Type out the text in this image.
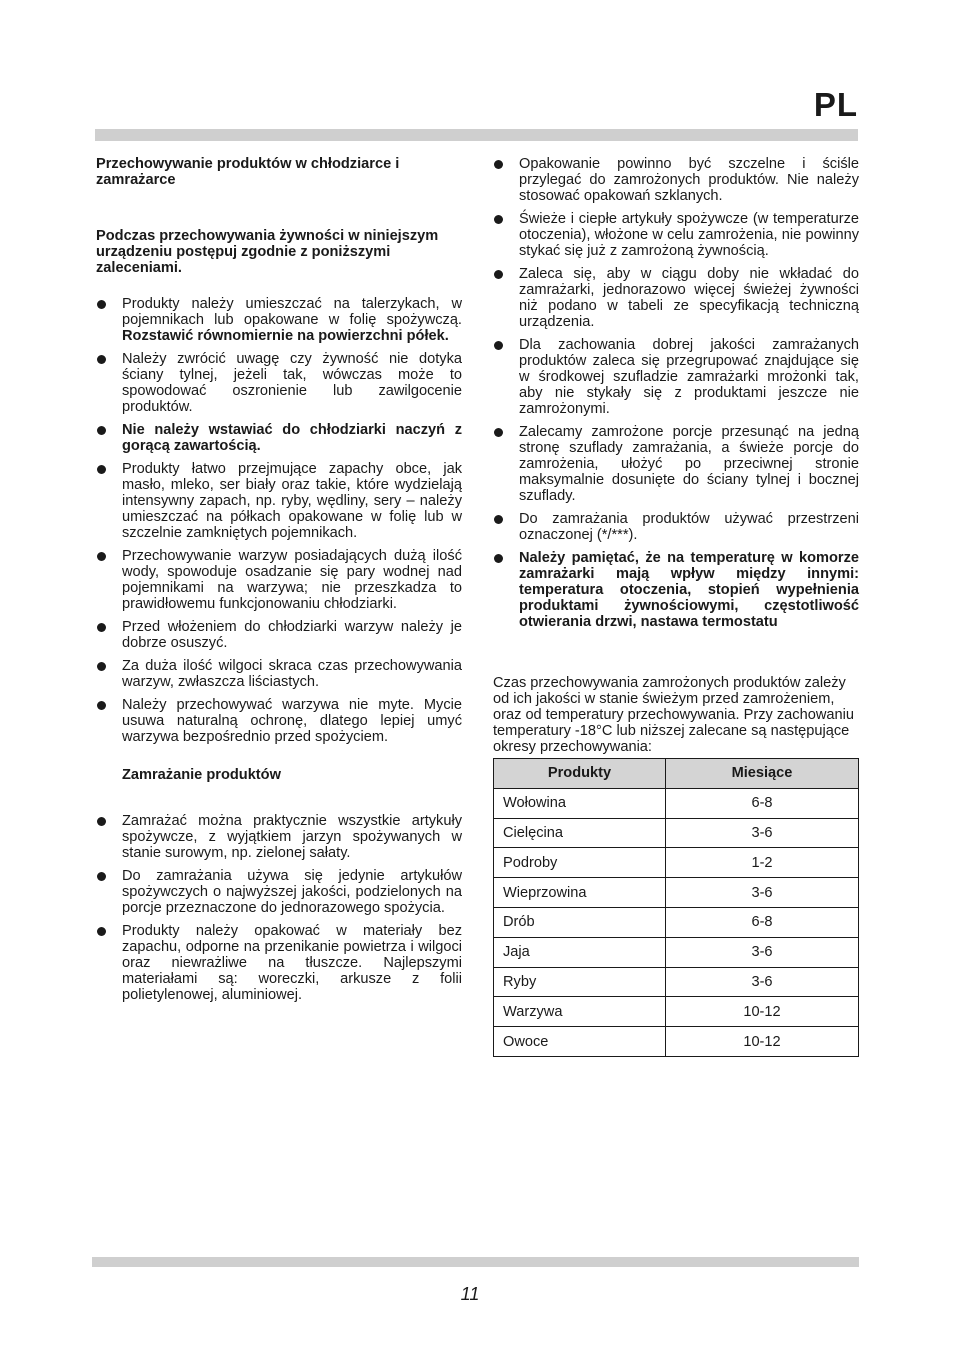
PL

Przechowywanie produktów w chłodziarce i zamrażarce

Podczas przechowywania żywności w niniejszym urządzeniu postępuj zgodnie z poniższymi zaleceniami.

Produkty należy umieszczać na talerzykach, w pojemnikach lub opakowane w folię spożywczą. Rozstawić równomiernie na powierzchni półek.
Należy zwrócić uwagę czy żywność nie dotyka ściany tylnej, jeżeli tak, wówczas może to spowodować oszronienie lub zawilgocenie produktów.
Nie należy wstawiać do chłodziarki naczyń z gorącą zawartością.
Produkty łatwo przejmujące zapachy obce, jak masło, mleko, ser biały oraz takie, które wydzielają intensywny zapach, np. ryby, wędliny, sery – należy umieszczać na półkach opakowane w folię lub w szczelnie zamkniętych pojemnikach.
Przechowywanie warzyw posiadających dużą ilość wody, spowoduje osadzanie się pary wodnej nad pojemnikami na warzywa; nie przeszkadza to prawidłowemu funkcjonowaniu chłodziarki.
Przed włożeniem do chłodziarki warzyw należy je dobrze osuszyć.
Za duża ilość wilgoci skraca czas przechowywania warzyw, zwłaszcza liściastych.
Należy przechowywać warzywa nie myte. Mycie usuwa naturalną ochronę, dlatego lepiej umyć warzywa bezpośrednio przed spożyciem.

Zamrażanie produktów

Zamrażać można praktycznie wszystkie artykuły spożywcze, z wyjątkiem jarzyn spożywanych w stanie surowym, np. zielonej sałaty.
Do zamrażania używa się jedynie artykułów spożywczych o najwyższej jakości, podzielonych na porcje przeznaczone do jednorazowego spożycia.
Produkty należy opakować w materiały bez zapachu, odporne na przenikanie powietrza i wilgoci oraz niewrażliwe na tłuszcze. Najlepszymi materiałami są: woreczki, arkusze z folii polietylenowej, aluminiowej.
Opakowanie powinno być szczelne i ściśle przylegać do zamrożonych produktów. Nie należy stosować opakowań szklanych.
Świeże i ciepłe artykuły spożywcze (w temperaturze otoczenia), włożone w celu zamrożenia, nie powinny stykać się już z zamrożoną żywnością.
Zaleca się, aby w ciągu doby nie wkładać do zamrażarki, jednorazowo więcej świeżej żywności niż podano w tabeli ze specyfikacją techniczną urządzenia.
Dla zachowania dobrej jakości zamrażanych produktów zaleca się przegrupować znajdujące się w środkowej szufladzie zamrażarki mrożonki tak, aby nie stykały się z produktami jeszcze nie zamrożonymi.
Zalecamy zamrożone porcje przesunąć na jedną stronę szuflady zamrażania, a świeże porcje do zamrożenia, ułożyć po przeciwnej stronie maksymalnie dosunięte do ściany tylnej i bocznej szuflady.
Do zamrażania produktów używać przestrzeni oznaczonej (*/***).
Należy pamiętać, że na temperaturę w komorze zamrażarki mają wpływ między innymi: temperatura otoczenia, stopień wypełnienia produktami żywnościowymi, częstotliwość otwierania drzwi, nastawa termostatu

Czas przechowywania zamrożonych produktów zależy od ich jakości w stanie świeżym przed zamrożeniem, oraz od temperatury przechowywania. Przy zachowaniu temperatury -18°C lub niższej zalecane są następujące okresy przechowywania:

Produkty	Miesiące
Wołowina	6-8
Cielęcina	3-6
Podroby	1-2
Wieprzowina	3-6
Drób	6-8
Jaja	3-6
Ryby	3-6
Warzywa	10-12
Owoce	10-12
11
